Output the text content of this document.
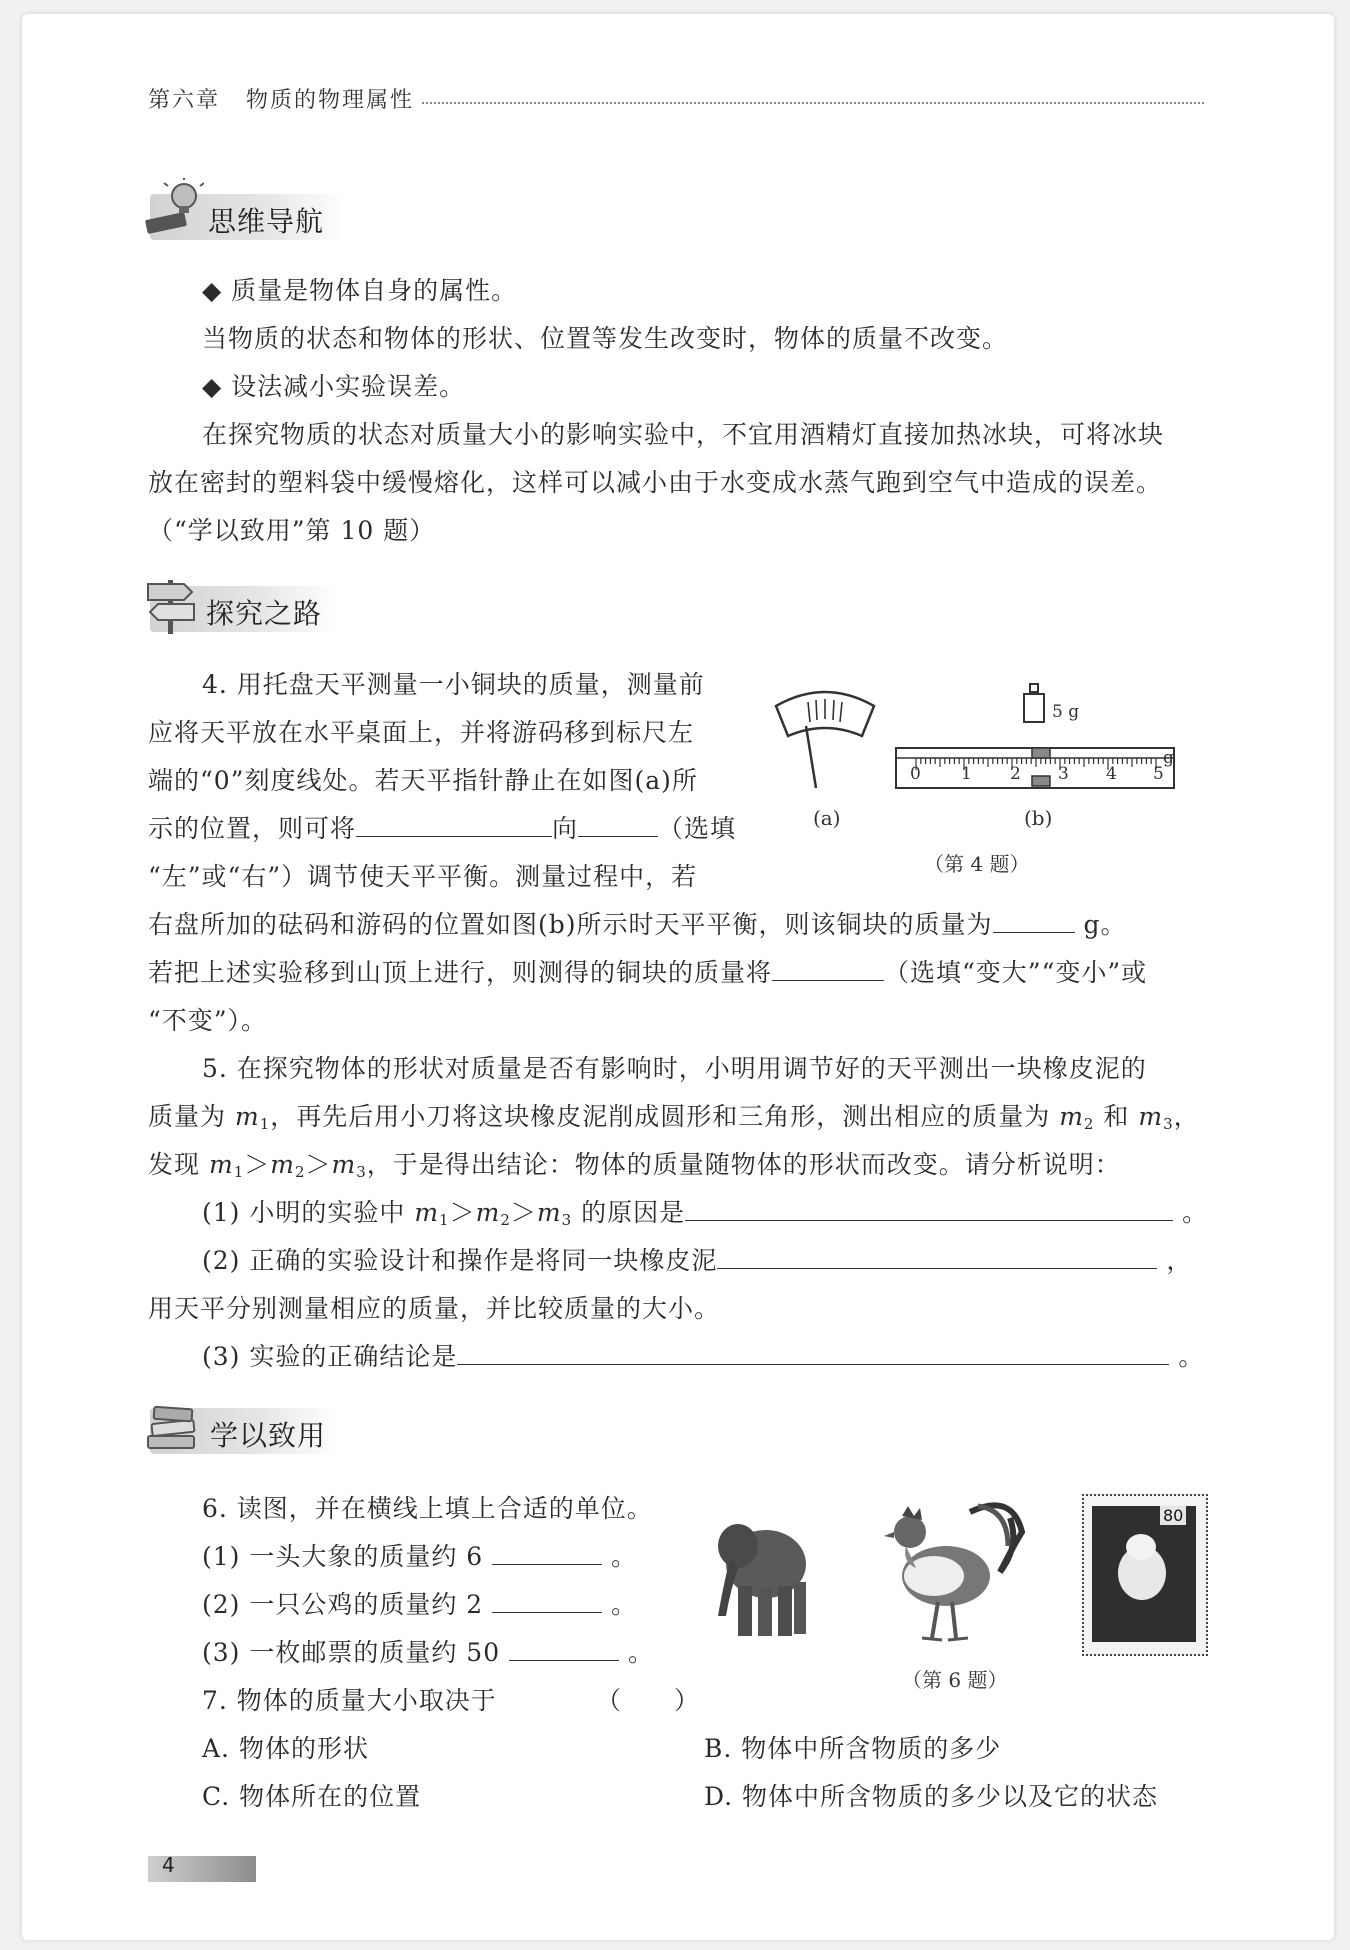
第六章 物质的物理属性
思维导航
◆ 质量是物体自身的属性。
当物质的状态和物体的形状、位置等发生改变时，物体的质量不改变。
◆ 设法减小实验误差。
在探究物质的状态对质量大小的影响实验中，不宜用酒精灯直接加热冰块，可将冰块
放在密封的塑料袋中缓慢熔化，这样可以减小由于水变成水蒸气跑到空气中造成的误差。
（“学以致用”第 10 题）
探究之路
4. 用托盘天平测量一小铜块的质量，测量前
应将天平放在水平桌面上，并将游码移到标尺左
端的“0”刻度线处。若天平指针静止在如图(a)所
示的位置，则可将	向	（选填
“左”或“右”）调节使天平平衡。测量过程中，若
右盘所加的砝码和游码的位置如图(b)所示时天平平衡，则该铜块的质量为	g。
若把上述实验移到山顶上进行，则测得的铜块的质量将	（选填“变大”“变小”或
“不变”）。
(a)
5 g
0 1 2 3 4 5
g
(b)
（第 4 题）
5. 在探究物体的形状对质量是否有影响时，小明用调节好的天平测出一块橡皮泥的
质量为 $m_1$，再先后用小刀将这块橡皮泥削成圆形和三角形，测出相应的质量为 $m_2$ 和 $m_3$，
发现 $m_1>m_2>m_3$，于是得出结论：物体的质量随物体的形状而改变。请分析说明：
(1) 小明的实验中 $m_1>m_2>m_3$ 的原因是	。
(2) 正确的实验设计和操作是将同一块橡皮泥	，
用天平分别测量相应的质量，并比较质量的大小。
(3) 实验的正确结论是	。
学以致用
6. 读图，并在横线上填上合适的单位。
(1) 一头大象的质量约 6	。
(2) 一只公鸡的质量约 2	。
(3) 一枚邮票的质量约 50	。
80
（第 6 题）
7. 物体的质量大小取决于	（　　）
A. 物体的形状	B. 物体中所含物质的多少
C. 物体所在的位置	D. 物体中所含物质的多少以及它的状态
4
